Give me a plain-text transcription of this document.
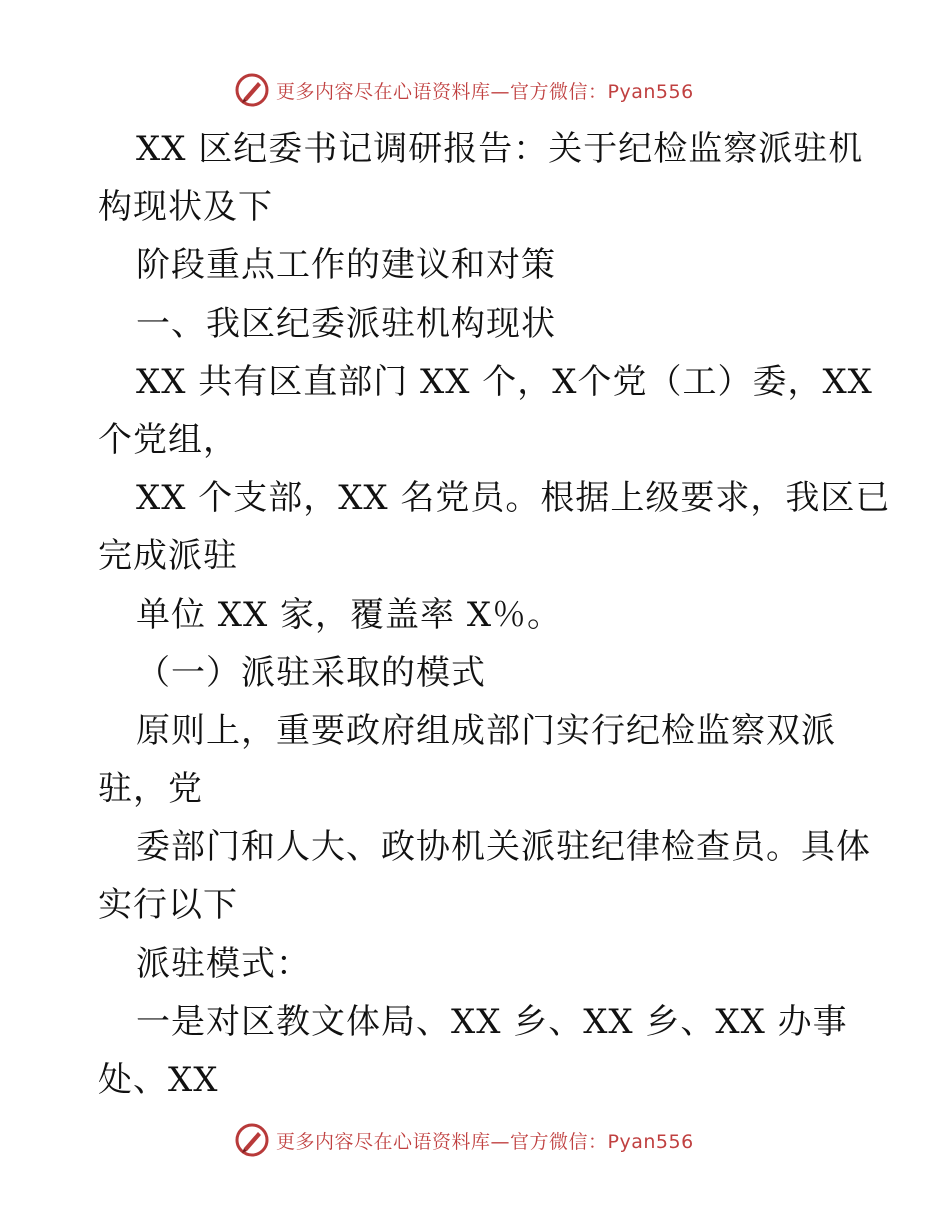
更多内容尽在心语资料库—官方微信：Pyan556
XX 区纪委书记调研报告：关于纪检监察派驻机
构现状及下
阶段重点工作的建议和对策
一、我区纪委派驻机构现状
XX 共有区直部门 XX 个，X个党（工）委，XX
个党组，
XX 个支部，XX 名党员。根据上级要求，我区已
完成派驻
单位 XX 家，覆盖率 X％。
（一）派驻采取的模式
原则上，重要政府组成部门实行纪检监察双派
驻，党
委部门和人大、政协机关派驻纪律检查员。具体
实行以下
派驻模式：
一是对区教文体局、XX 乡、XX 乡、XX 办事
处、XX
更多内容尽在心语资料库—官方微信：Pyan556
